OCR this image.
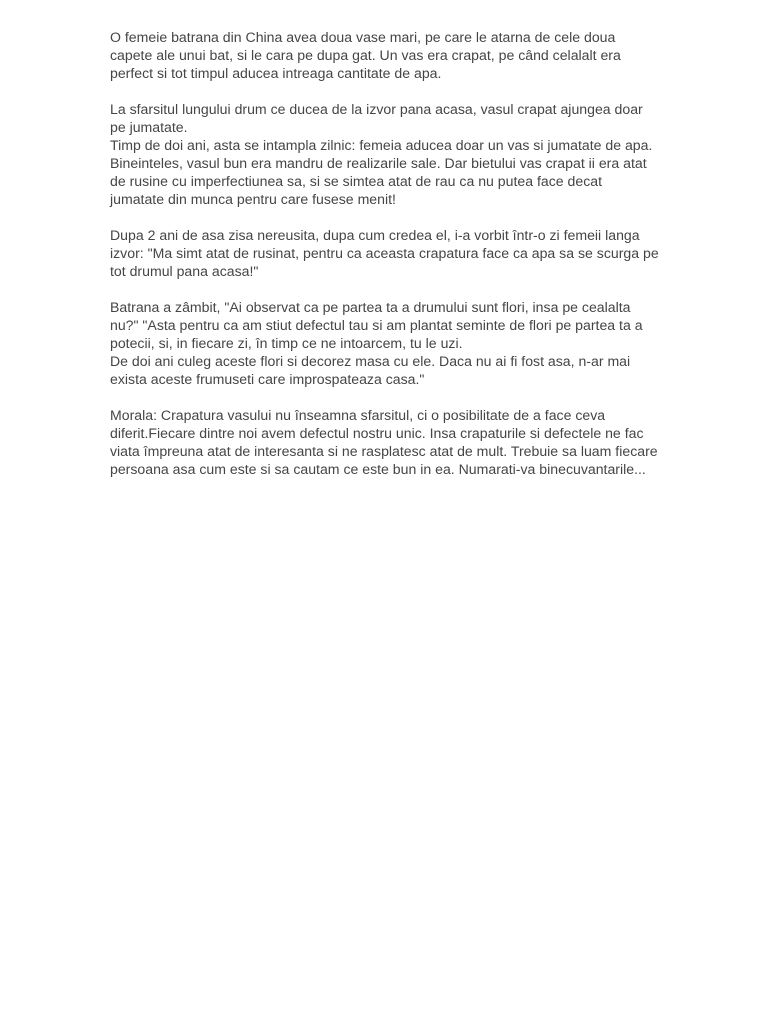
O femeie batrana din China avea doua vase mari, pe care le atarna de cele doua
capete ale unui bat, si le cara pe dupa gat. Un vas era crapat, pe când celalalt era
perfect si tot timpul aducea intreaga cantitate de apa.
La sfarsitul lungului drum ce ducea de la izvor pana acasa, vasul crapat ajungea doar
pe jumatate.
Timp de doi ani, asta se intampla zilnic: femeia aducea doar un vas si jumatate de apa.
Bineinteles, vasul bun era mandru de realizarile sale. Dar bietului vas crapat ii era atat
de rusine cu imperfectiunea sa, si se simtea atat de rau ca nu putea face decat
jumatate din munca pentru care fusese menit!
Dupa 2 ani de asa zisa nereusita, dupa cum credea el, i-a vorbit într-o zi femeii langa
izvor: "Ma simt atat de rusinat, pentru ca aceasta crapatura face ca apa sa se scurga pe
tot drumul pana acasa!"
Batrana a zâmbit, "Ai observat ca pe partea ta a drumului sunt flori, insa pe cealalta
nu?" "Asta pentru ca am stiut defectul tau si am plantat seminte de flori pe partea ta a
potecii, si, in fiecare zi, în timp ce ne intoarcem, tu le uzi.
De doi ani culeg aceste flori si decorez masa cu ele. Daca nu ai fi fost asa, n-ar mai
exista aceste frumuseti care improspateaza casa."
Morala: Crapatura vasului nu înseamna sfarsitul, ci o posibilitate de a face ceva
diferit.Fiecare dintre noi avem defectul nostru unic. Insa crapaturile si defectele ne fac
viata împreuna atat de interesanta si ne rasplatesc atat de mult. Trebuie sa luam fiecare
persoana asa cum este si sa cautam ce este bun in ea. Numarati-va binecuvantarile...
